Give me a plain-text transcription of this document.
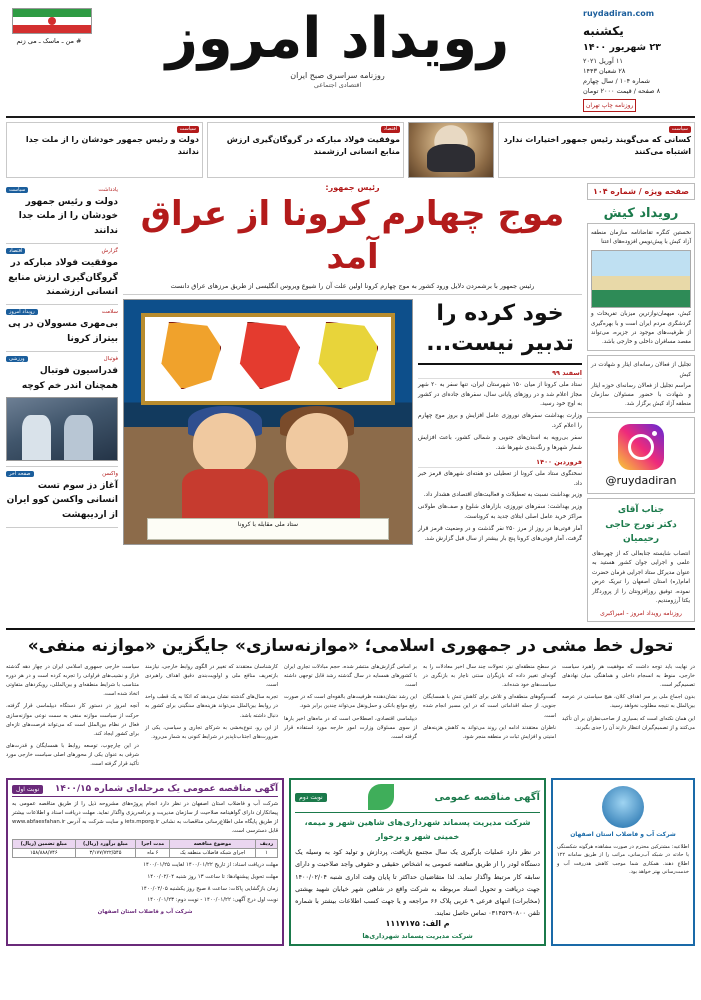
# من ـ ماسک ـ می زنم	رویداد امروز
روزنامه سراسری صبح ایران
اقتصادی اجتماعی
ruydadiran.com
یکشنبه
۲۳ شهریور ۱۴۰۰
۱۱ آوریل ۲۰۲۱
۲۸ شعبان ۱۴۴۳
شماره ۱۰۴ / سال چهارم
۸ صفحه / قیمت ۲۰۰۰ تومان
روزنامه چاپ تهران
سیاست
دولت و رئیس جمهور خودشان را از ملت جدا ندانند
اقتصاد
موفقیت فولاد مبارکه در گروگان‌گیری ارزش منابع انسانی ارزشمند
سیاست
کسانی که می‌گویند رئیس جمهور اختیارات ندارد اشتباه می‌کنند
سیاست	یادداشت
دولت و رئیس جمهور خودشان را از ملت جدا ندانند
اقتصاد	گزارش
موفقیت فولاد مبارکه در گروگان‌گیری ارزش منابع انسانی ارزشمند
رویداد امروز	سلامت
بی‌مهری مسوولان در پی بیتراز کرونا
ورزشی	فوتبال
فدراسیون فوتبال همچنان اندر خم کوچه
صفحه آخر	واکسن
آغاز دز سوم تست انسانی واکسن کوو ایران از اردیبهشت
رئیس جمهور:
موج چهارم کرونا از عراق آمد
رئیس جمهور با برشمردن دلایل ورود کشور به موج چهارم کرونا اولین علت آن را شیوع ویروس انگلیسی از طریق مرزهای عراق دانست
ستاد ملی مقابله با کرونا
خود کرده را تدبیر نیست...
اسفند ۹۹

ستاد ملی کرونا از میان ۱۵۰ شهرستان ایران، تنها سفر به ۲۰ شهر مجاز اعلام شد و در روزهای پایانی سال، سفرهای جاده‌ای در کشور به اوج خود رسید.

وزارت بهداشت سفرهای نوروزی عامل افزایش و بروز موج چهارم را اعلام کرد.

سفر بی‌رویه به استان‌های جنوبی و شمالی کشور، باعث افزایش شمار شهرها و رنگ‌بندی شهرها شد.

فروردین ۱۴۰۰

سخنگوی ستاد ملی کرونا از تعطیلی دو هفته‌ای شهرهای قرمز خبر داد.

وزیر بهداشت نسبت به تعطیلات و فعالیت‌های اقتصادی هشدار داد.

وزیر بهداشت: سفرهای نوروزی، بازارهای شلوغ و صف‌های طولانی مراکز خرید عامل اصلی ابتلای جدید به کروناست.

آمار فوتی‌ها در روز از مرز ۲۵۰ نفر گذشت و در وضعیت قرمز قرار گرفت، آمار فوتی‌های کرونا پنج بار بیشتر از سال قبل گزارش شد.

صفحه ویژه / شماره ۱۰۴
رویداد کیش
نخستین کنگره تقاضا‌نامه سازمان منطقه آزاد کیش با پیش‌نویس افزوده‌های اعتنا
کیش، میهمان‌نوازترین میزبان تفریحات و گردشگری مردم ایران است و با بهره‌گیری از ظرفیت‌های موجود در جزیره، می‌تواند مقصد مسافران داخلی و خارجی باشد.
تجلیل از فعالان رسانه‌ای ایثار و شهادت در کیش
مراسم تجلیل از فعالان رسانه‌ای حوزه ایثار و شهادت با حضور مسئولان سازمان منطقه آزاد کیش برگزار شد.
@ruydadiran
جناب آقای
دکتر تورج حاجی رحیمیان
انتصاب شایسته جنابعالی که از چهره‌های علمی و اجرایی جوان کشور هستید به عنوان مدیرکل ستاد اجرایی فرمان حضرت امام(ره) استان اصفهان را تبریک عرض نموده، توفیق روزافزونتان را از پروردگار یکتا آرزومندیم.
روزنامه رویداد امروز - امیراکبری
تحول خط مشی در جمهوری اسلامی؛ «موازنه‌سازی» جایگزین «موازنه منفی»

سیاست خارجی جمهوری اسلامی ایران در چهار دهه گذشته فراز و نشیب‌های فراوانی را تجربه کرده است و در هر دوره متناسب با شرایط منطقه‌ای و بین‌المللی، رویکردهای متفاوتی اتخاذ شده است.

آنچه امروز در دستور کار دستگاه دیپلماسی قرار گرفته، حرکت از سیاست موازنه منفی به سمت نوعی موازنه‌سازی فعال در نظام بین‌الملل است که می‌تواند فرصت‌های تازه‌ای برای کشور ایجاد کند.

در این چارچوب، توسعه روابط با همسایگان و قدرت‌های شرقی به عنوان یکی از محورهای اصلی سیاست خارجی مورد تأکید قرار گرفته است.

کارشناسان معتقدند که تغییر در الگوی روابط خارجی، نیازمند بازتعریف منافع ملی و اولویت‌بندی دقیق اهداف راهبردی است.

تجربه سال‌های گذشته نشان می‌دهد که اتکا به یک قطب واحد در روابط بین‌الملل می‌تواند هزینه‌های سنگینی برای کشور به دنبال داشته باشد.

از این رو، تنوع‌بخشی به شرکای تجاری و سیاسی، یکی از ضرورت‌های اجتناب‌ناپذیر در شرایط کنونی به شمار می‌رود.

بر اساس گزارش‌های منتشر شده، حجم مبادلات تجاری ایران با کشورهای همسایه در سال گذشته رشد قابل توجهی داشته است.

این رشد نشان‌دهنده ظرفیت‌های بالقوه‌ای است که در صورت رفع موانع بانکی و حمل‌ونقل می‌تواند چندین برابر شود.

دیپلماسی اقتصادی، اصطلاحی است که در ماه‌های اخیر بارها از سوی مسئولان وزارت امور خارجه مورد استفاده قرار گرفته است.

در سطح منطقه‌ای نیز، تحولات چند سال اخیر معادلات را به گونه‌ای تغییر داده که بازیگران سنتی ناچار به بازنگری در سیاست‌های خود شده‌اند.

گفت‌وگوهای منطقه‌ای و تلاش برای کاهش تنش با همسایگان جنوبی، از جمله اقداماتی است که در این مسیر انجام شده است.

ناظران معتقدند ادامه این روند می‌تواند به کاهش هزینه‌های امنیتی و افزایش ثبات در منطقه منجر شود.

در نهایت باید توجه داشت که موفقیت هر راهبرد سیاست خارجی، منوط به انسجام داخلی و هماهنگی میان نهادهای تصمیم‌گیر است.

بدون اجماع ملی بر سر اهداف کلان، هیچ سیاستی در عرصه بین‌الملل به نتیجه مطلوب نخواهد رسید.

این همان نکته‌ای است که بسیاری از صاحب‌نظران بر آن تأکید می‌کنند و از تصمیم‌گیران انتظار دارند آن را جدی بگیرند.

نوبت اول	آگهی مناقصه عمومی یک مرحله‌ای شماره ۱۴۰۰/۱۵
شرکت آب و فاضلاب استان اصفهان در نظر دارد انجام پروژه‌های مشروحه ذیل را از طریق مناقصه عمومی به پیمانکاران دارای گواهینامه صلاحیت از سازمان مدیریت و برنامه‌ریزی واگذار نماید. مهلت دریافت اسناد و اطلاعات بیشتر از طریق پایگاه ملی اطلاع‌رسانی مناقصات به نشانی iets.mporg.ir و سایت شرکت به آدرس www.abfaesfahan.ir قابل دسترسی است.
ردیف	موضوع مناقصه	مدت اجرا	مبلغ برآورد (ریال)	مبلغ تضمین (ریال)
۱	اجرای شبکه فاضلاب منطقه یک	۶ ماه	۳/۱۷۷/۷۲۲/۵۴۵	۱۵۸/۸۸۸/۷۴۶
مهلت دریافت اسناد: از تاریخ ۱۴۰۰/۰۱/۲۲ لغایت ۱۴۰۰/۰۱/۲۵
مهلت تحویل پیشنهادها: تا ساعت ۱۳ روز شنبه ۱۴۰۰/۰۲/۰۴
زمان بازگشایی پاکات: ساعت ۸ صبح روز یکشنبه ۱۴۰۰/۰۲/۰۵
نوبت اول درج آگهی: ۱۴۰۰/۰۱/۲۲ - نوبت دوم: ۱۴۰۰/۰۱/۲۳
شرکت آب و فاضلاب استان اصفهان
نوبت دوم	آگهی مناقصه عمومی
شرکت مدیریت پسماند شهرداری‌های شاهین شهر و میمه، خمینی شهر و برخوار
در نظر دارد عملیات بارگیری یک سال مجتمع بازیافت، پردازش و تولید کود به وسیله یک دستگاه لودر را از طریق مناقصه عمومی به اشخاص حقیقی و حقوقی واجد صلاحیت و دارای سابقه کار مرتبط واگذار نماید. لذا متقاضیان حداکثر تا پایان وقت اداری شنبه ۱۴۰۰/۰۲/۰۴ جهت دریافت و تحویل اسناد مربوطه به شرکت واقع در شاهین شهر خیابان شهید بهشتی (مخابرات) انتهای فرعی ۹ غربی پلاک ۶۶ مراجعه و یا جهت کسب اطلاعات بیشتر با شماره تلفن ۰۳۱۴۵۲۹۰۸۰۰ تماس حاصل نمایند.
م الف: ۱۱۱۷۱۷۵
شرکت مدیریت پسماند شهرداری‌ها
شرکت آب و فاضلاب استان اصفهان
اطلاعیه: مشترکین محترم در صورت مشاهده هرگونه شکستگی یا حادثه در شبکه آب‌رسانی، مراتب را از طریق سامانه ۱۲۲ اطلاع دهند. همکاری شما موجب کاهش هدررفت آب و خدمت‌رسانی بهتر خواهد بود.
